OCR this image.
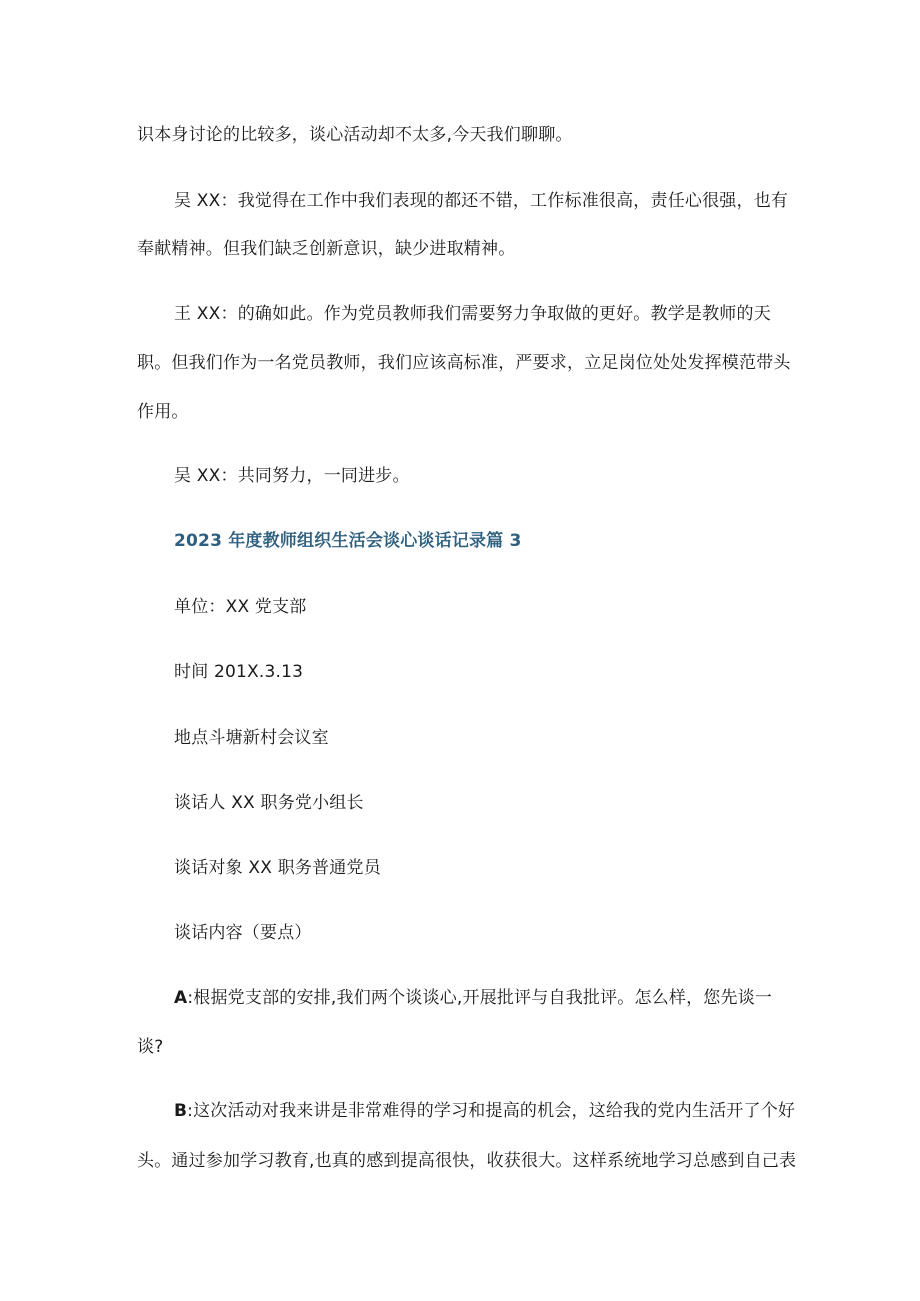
识本身讨论的比较多，谈心活动却不太多,今天我们聊聊。
吴 XX：我觉得在工作中我们表现的都还不错，工作标准很高，责任心很强，也有
奉献精神。但我们缺乏创新意识，缺少进取精神。
王 XX：的确如此。作为党员教师我们需要努力争取做的更好。教学是教师的天
职。但我们作为一名党员教师，我们应该高标准，严要求，立足岗位处处发挥模范带头
作用。
吴 XX：共同努力，一同进步。
2023 年度教师组织生活会谈心谈话记录篇 3
单位：XX 党支部
时间 201X.3.13
地点斗塘新村会议室
谈话人 XX 职务党小组长
谈话对象 XX 职务普通党员
谈话内容（要点）
A:根据党支部的安排,我们两个谈谈心,开展批评与自我批评。怎么样，您先谈一
谈?
B:这次活动对我来讲是非常难得的学习和提高的机会，这给我的党内生活开了个好
头。通过参加学习教育,也真的感到提高很快，收获很大。这样系统地学习总感到自己表
